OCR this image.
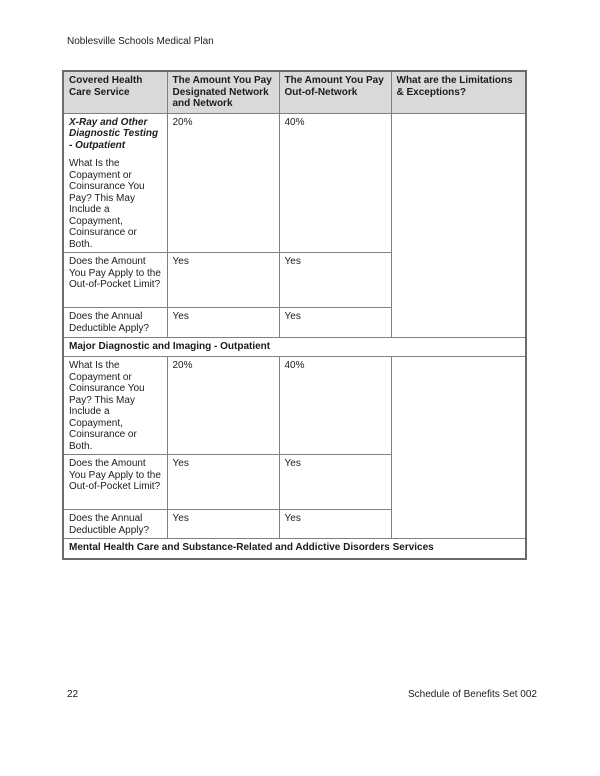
Noblesville Schools Medical Plan
Covered Health Care Service	The Amount You Pay Designated Network and Network	The Amount You Pay Out-of-Network	What are the Limitations & Exceptions?

X-Ray and Other Diagnostic Testing - Outpatient

What Is the Copayment or Coinsurance You Pay? This May Include a Copayment, Coinsurance or Both.	20%	40%	
Does the Amount You Pay Apply to the Out-of-Pocket Limit?	Yes	Yes	
Does the Annual Deductible Apply?	Yes	Yes	
Major Diagnostic and Imaging - Outpatient			

What Is the Copayment or Coinsurance You Pay? This May Include a Copayment, Coinsurance or Both.	20%	40%	
Does the Amount You Pay Apply to the Out-of-Pocket Limit?	Yes	Yes	
Does the Annual Deductible Apply?	Yes	Yes	
Mental Health Care and Substance-Related and Addictive Disorders Services			
22	Schedule of Benefits Set 002
